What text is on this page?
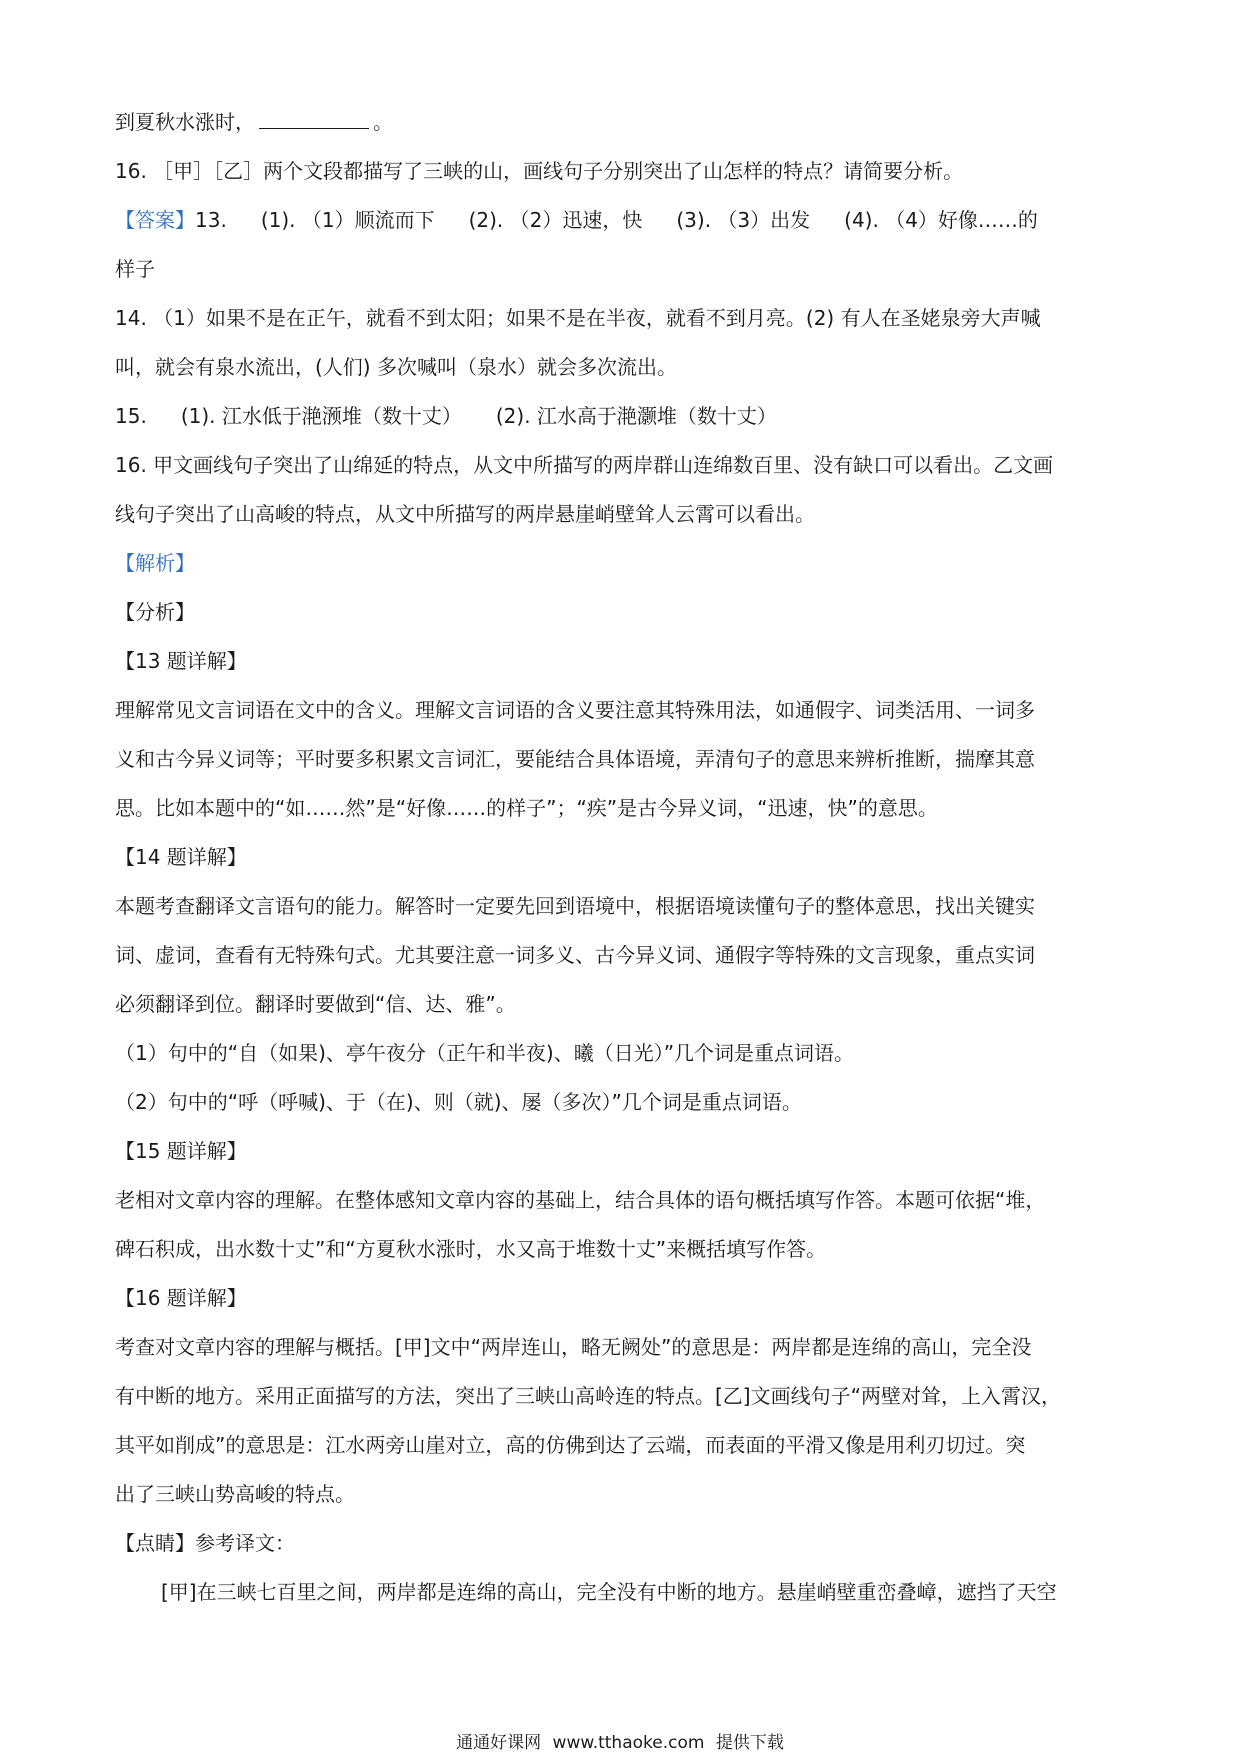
到夏秋水涨时，	。
16. ［甲］［乙］两个文段都描写了三峡的山，画线句子分别突出了山怎样的特点？请简要分析。
【答案】13. (1). （1）顺流而下 (2). （2）迅速，快 (3). （3）出发 (4). （4）好像……的
样子
14. （1）如果不是在正午，就看不到太阳；如果不是在半夜，就看不到月亮。(2) 有人在圣姥泉旁大声喊
叫，就会有泉水流出，(人们) 多次喊叫（泉水）就会多次流出。
15. (1). 江水低于滟滪堆（数十丈） (2). 江水高于滟灏堆（数十丈）
16. 甲文画线句子突出了山绵延的特点，从文中所描写的两岸群山连绵数百里、没有缺口可以看出。乙文画
线句子突出了山高峻的特点，从文中所描写的两岸悬崖峭壁耸人云霄可以看出。
【解析】
【分析】
【13 题详解】
理解常见文言词语在文中的含义。理解文言词语的含义要注意其特殊用法，如通假字、词类活用、一词多
义和古今异义词等；平时要多积累文言词汇，要能结合具体语境，弄清句子的意思来辨析推断，揣摩其意
思。比如本题中的“如……然”是“好像……的样子”；“疾”是古今异义词，“迅速，快”的意思。
【14 题详解】
本题考查翻译文言语句的能力。解答时一定要先回到语境中，根据语境读懂句子的整体意思，找出关键实
词、虚词，查看有无特殊句式。尤其要注意一词多义、古今异义词、通假字等特殊的文言现象，重点实词
必须翻译到位。翻译时要做到“信、达、雅”。
（1）句中的“自（如果)、亭午夜分（正午和半夜)、曦（日光）”几个词是重点词语。
（2）句中的“呼（呼喊)、于（在)、则（就)、屡（多次）”几个词是重点词语。
【15 题详解】
老相对文章内容的理解。在整体感知文章内容的基础上，结合具体的语句概括填写作答。本题可依据“堆，
碑石积成，出水数十丈”和“方夏秋水涨时，水又高于堆数十丈”来概括填写作答。
【16 题详解】
考查对文章内容的理解与概括。[甲]文中“两岸连山，略无阙处”的意思是：两岸都是连绵的高山，完全没
有中断的地方。采用正面描写的方法，突出了三峡山高岭连的特点。[乙]文画线句子“两壁对耸，上入霄汉，
其平如削成”的意思是：江水两旁山崖对立，高的仿佛到达了云端，而表面的平滑又像是用利刃切过。突
出了三峡山势高峻的特点。
【点睛】参考译文：
[甲]在三峡七百里之间，两岸都是连绵的高山，完全没有中断的地方。悬崖峭壁重峦叠嶂，遮挡了天空
通通好课网 www.tthaoke.com 提供下载
